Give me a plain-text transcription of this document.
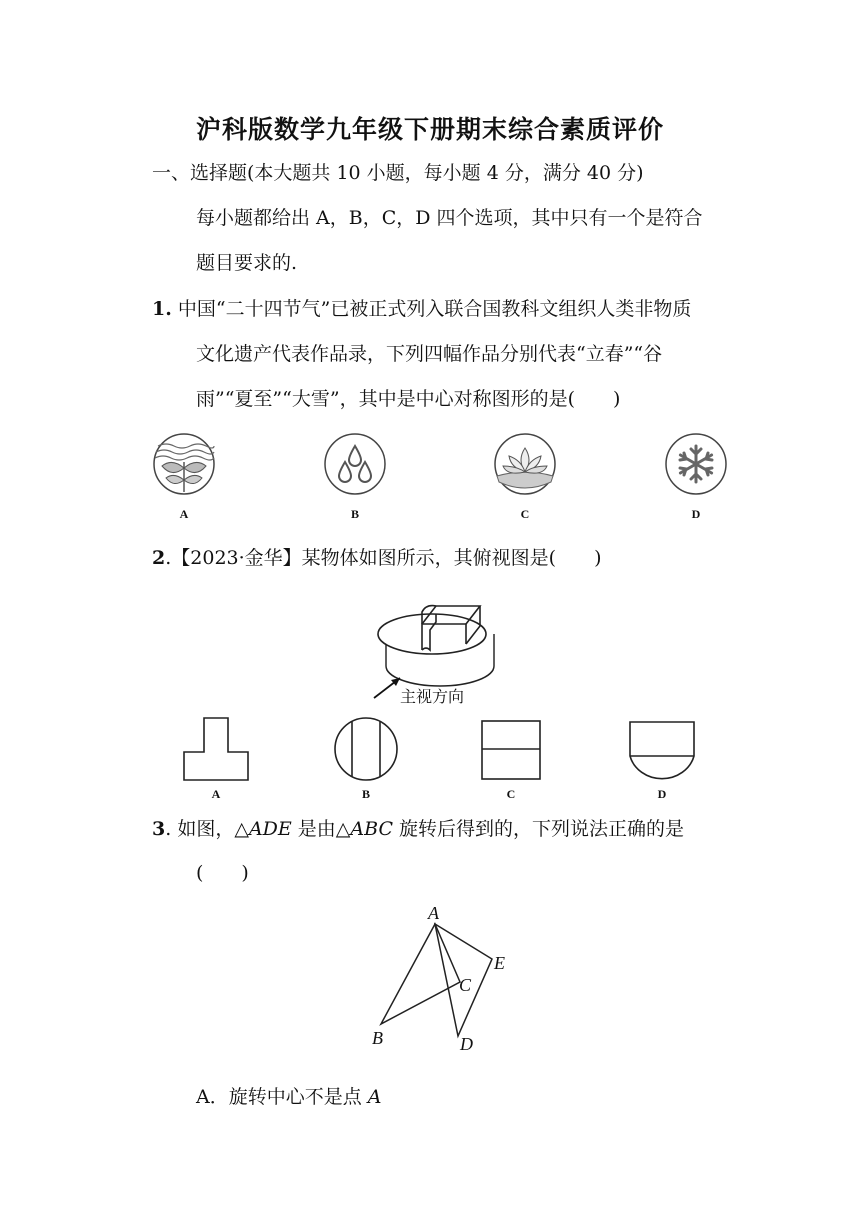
沪科版数学九年级下册期末综合素质评价
一、选择题(本大题共 10 小题，每小题 4 分，满分 40 分)
每小题都给出 A，B，C，D 四个选项，其中只有一个是符合
题目要求的.
1. 中国“二十四节气”已被正式列入联合国教科文组织人类非物质
文化遗产代表作品录，下列四幅作品分别代表“立春”“谷
雨”“夏至”“大雪”，其中是中心对称图形的是(　　)
A	B	C	D
2.【2023·金华】某物体如图所示，其俯视图是(　　)
主视方向
A	B	C	D
3. 如图，△ADE 是由△ABC 旋转后得到的，下列说法正确的是
(　　)
A
E
C
B	D
A．旋转中心不是点 A
